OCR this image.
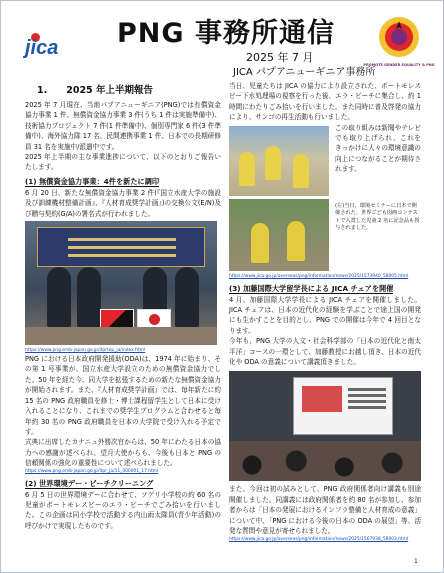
jica	PNG 事務所通信
2025 年 7 月
JICA パプアニューギニア事務所
PROMOTE GENDER EQUALITY & PNG
1.　　2025 年上半期報告

2025 年 7 月現在、当地パプアニューギニア(PNG)では有償資金協力事業 1 件、無償資金協力事業 3 件(うち 1 件は実施準備中)、技術協力プロジェクト 7 件(1 件準備中)、個別専門家 6 件(3 件準備中)、海外協力隊 17 名、民間連携事業 1 件、日本での長期研修員 31 名を実施中/派遣中です。

2025 年上半期の主な事業進捗について、以下のとおりご報告いたします。

(1) 無償資金協力事業：4件を新たに調印

6 月 20 日、新たな無償資金協力事業 2 件(『国立水産大学の施設及び訓練機材整備計画』、『人材育成奨学計画』)の交換公文(E/N)及び贈与契約(G/A)の署名式が行われました。

https://www.png.emb-japan.go.jp/itprtop_ja/index.html

PNG における日本政府開発援助(ODA)は、1974 年に始まり、その第 1 号事業が、国立水産大学設立のための無償資金協力でした。50 年を経た今、同大学を拡張するための新たな無償資金協力が開始されます。また、『人材育成奨学計画』では、毎年新たに約 15 名の PNG 政府職員を修士・博士課程留学生として日本に受け入れることになり、これまでの奨学生プログラムと合わせると毎年約 30 名の PNG 政府職員を日本の大学院で受け入れる予定です。

式典に出席したカナニュ外務次官からは、50 年にわたる日本の協力への感謝が述べられ、望月大使からも、今後も日本と PNG の信頼関係の強化の重要性について述べられました。

https://www.png.emb-japan.go.jp/itpr_ja/11_000001_17.html
(2) 世界環境デー・ビーチクリーニング

6 月 5 日の世界環境デーに合わせて、ソゲリ小学校の約 60 名の児童がポートモレスビーのエラ・ビーチでごみ拾いを行いました。この企画は同小学校で活動する内山雨太隊員(青少年活動)の呼びかけで実現したものです。

当日、児童たちは JICA の協力により設立された、ポートモレスビー下水処理場の視察を行った後、エラ・ビーチに集合し、約 1 時間にわたりごみ拾いを行いました。また同時に普及啓発の協力により、サンゴの再生活動も行いました。

この取り組みは新聞やテレビでも取り上げられ、これをきっかけに人々の環境意識の向上につながることが期待されます。

(左)当日、環境セミナーに日本で開催された、世界ごども図画コンテストで入賞した児童 2 名に記念品も授与されました。
https://www.jica.go.jp/overseas/png/information/news/2025/1573940_58005.html
(3) 加藤国際大学留学長による JICA チェアを開催

4 月、加藤国際大学学長による JICA チェアを開催しました。JICA チェアは、日本の近代化の経験を学ぶことで途上国の開発にも生かすことを目的とし、PNG での開催は今年で 4 回目となります。

今年も、PNG 大学の人文・社会科学部の「日本の近代化と南太平洋」コースの一環として、加藤教授にお越し頂き、日本の近代化や ODA の意義について講義頂きました。

また、今回は初の試みとして、PNG 政府関係者向け講義も別途開催しました。同講義には政府関係者を約 80 名が参加し、参加者からは「日本の発展におけるインフラ整備と人材育成の意義」について中、「PNG における今後の日本の ODA の展望」等、活発な質問や意見が寄せられました。

https://www.jica.go.jp/overseas/png/information/news/2025/1567938_58003.html
1
